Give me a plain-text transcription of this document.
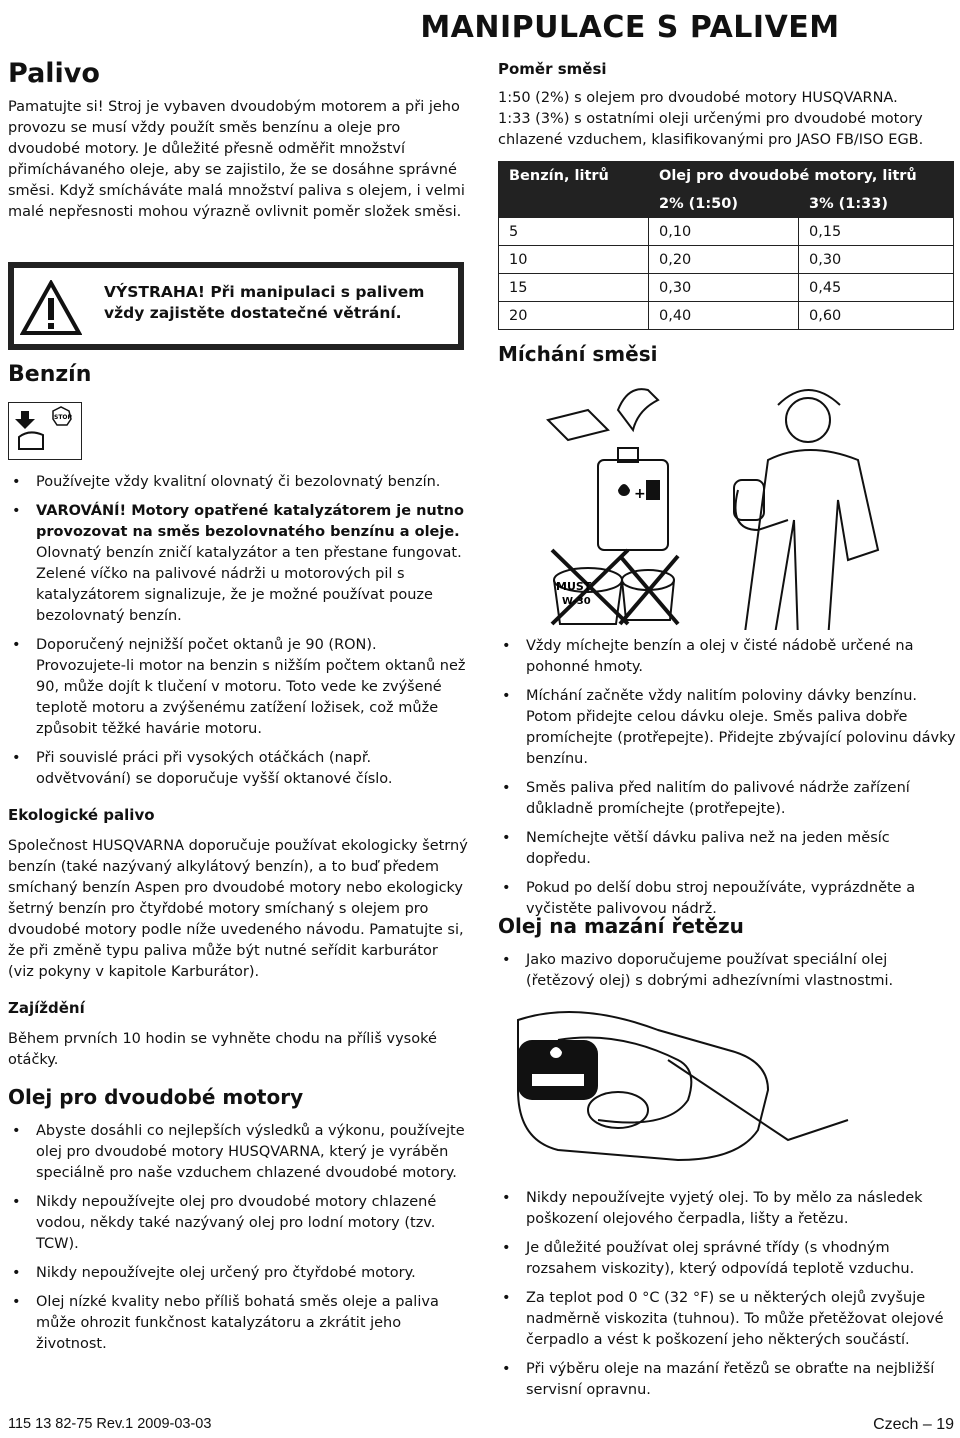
MANIPULACE S PALIVEM
Palivo

Pamatujte si! Stroj je vybaven dvoudobým motorem a při jeho provozu se musí vždy použít směs benzínu a oleje pro dvoudobé motory. Je důležité přesně odměřit množství přimíchávaného oleje, aby se zajistilo, že se dosáhne správné směsi. Když smícháváte malá množství paliva s olejem, i velmi malé nepřesnosti mohou výrazně ovlivnit poměr složek směsi.

VÝSTRAHA! Při manipulaci s palivem
vždy zajistěte dostatečné větrání.
Benzín
STOP
• Používejte vždy kvalitní olovnatý či bezolovnatý benzín.
• VAROVÁNÍ! Motory opatřené katalyzátorem je nutno provozovat na směs bezolovnatého benzínu a oleje. Olovnatý benzín zničí katalyzátor a ten přestane fungovat. Zelené víčko na palivové nádrži u motorových pil s katalyzátorem signalizuje, že je možné používat pouze bezolovnatý benzín.
• Doporučený nejnižší počet oktanů je 90 (RON). Provozujete-li motor na benzin s nižším počtem oktanů než 90, může dojít k tlučení v motoru. Toto vede ke zvýšené teplotě motoru a zvýšenému zatížení ložisek, což může způsobit těžké havárie motoru.
• Při souvislé práci při vysokých otáčkách (např. odvětvování) se doporučuje vyšší oktanové číslo.
Ekologické palivo

Společnost HUSQVARNA doporučuje používat ekologicky šetrný benzín (také nazývaný alkylátový benzín), a to buď předem smíchaný benzín Aspen pro dvoudobé motory nebo ekologicky šetrný benzín pro čtyřdobé motory smíchaný s olejem pro dvoudobé motory podle níže uvedeného návodu. Pamatujte si, že při změně typu paliva může být nutné seřídit karburátor (viz pokyny v kapitole Karburátor).

Zajíždění

Během prvních 10 hodin se vyhněte chodu na příliš vysoké otáčky.

Olej pro dvoudobé motory
• Abyste dosáhli co nejlepších výsledků a výkonu, používejte olej pro dvoudobé motory HUSQVARNA, který je vyráběn speciálně pro naše vzduchem chlazené dvoudobé motory.
• Nikdy nepoužívejte olej pro dvoudobé motory chlazené vodou, někdy také nazývaný olej pro lodní motory (tzv. TCW).
• Nikdy nepoužívejte olej určený pro čtyřdobé motory.
• Olej nízké kvality nebo příliš bohatá směs oleje a paliva může ohrozit funkčnost katalyzátoru a zkrátit jeho životnost.
Poměr směsi

1:50 (2%) s olejem pro dvoudobé motory HUSQVARNA.

1:33 (3%) s ostatními oleji určenými pro dvoudobé motory chlazené vzduchem, klasifikovanými pro JASO FB/ISO EGB.

Benzín, litrů	Olej pro dvoudobé motory, litrů	
	2% (1:50)	3% (1:33)
5	0,10	0,15
10	0,20	0,30
15	0,30	0,45
20	0,40	0,60
Míchání směsi
MUST
W-30
+
• Vždy míchejte benzín a olej v čisté nádobě určené na pohonné hmoty.
• Míchání začněte vždy nalitím poloviny dávky benzínu. Potom přidejte celou dávku oleje. Směs paliva dobře promíchejte (protřepejte). Přidejte zbývající polovinu dávky benzínu.
• Směs paliva před nalitím do palivové nádrže zařízení důkladně promíchejte (protřepejte).
• Nemíchejte větší dávku paliva než na jeden měsíc dopředu.
• Pokud po delší dobu stroj nepoužíváte, vyprázdněte a vyčistěte palivovou nádrž.
Olej na mazání řetězu
• Jako mazivo doporučujeme používat speciální olej (řetězový olej) s dobrými adhezívními vlastnostmi.
• Nikdy nepoužívejte vyjetý olej. To by mělo za následek poškození olejového čerpadla, lišty a řetězu.
• Je důležité používat olej správné třídy (s vhodným rozsahem viskozity), který odpovídá teplotě vzduchu.
• Za teplot pod 0 °C (32 °F) se u některých olejů zvyšuje nadměrně viskozita (tuhnou). To může přetěžovat olejové čerpadlo a vést k poškození jeho některých součástí.
• Při výběru oleje na mazání řetězů se obraťte na nejbližší servisní opravnu.
115 13 82-75 Rev.1 2009-03-03	Czech – 19
